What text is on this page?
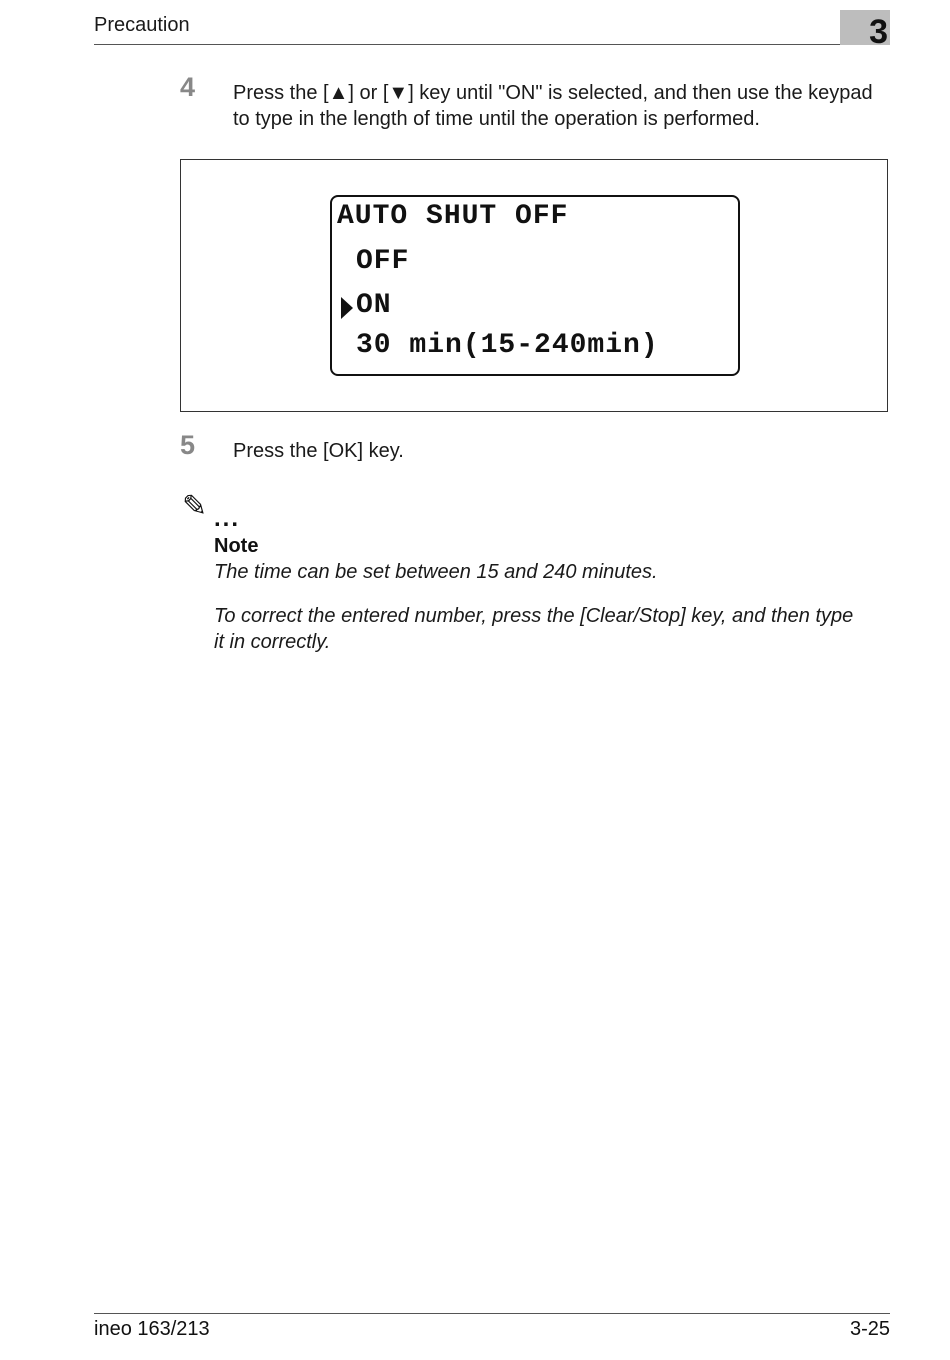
Precaution	3
4 Press the [▲] or [▼] key until "ON" is selected, and then use the keypad
to type in the length of time until the operation is performed.
AUTO SHUT OFF
OFF
ON
30 min(15-240min)
5 Press the [OK] key.
✎ ...
Note
The time can be set between 15 and 240 minutes.
To correct the entered number, press the [Clear/Stop] key, and then type
it in correctly.
ineo 163/213	3-25
